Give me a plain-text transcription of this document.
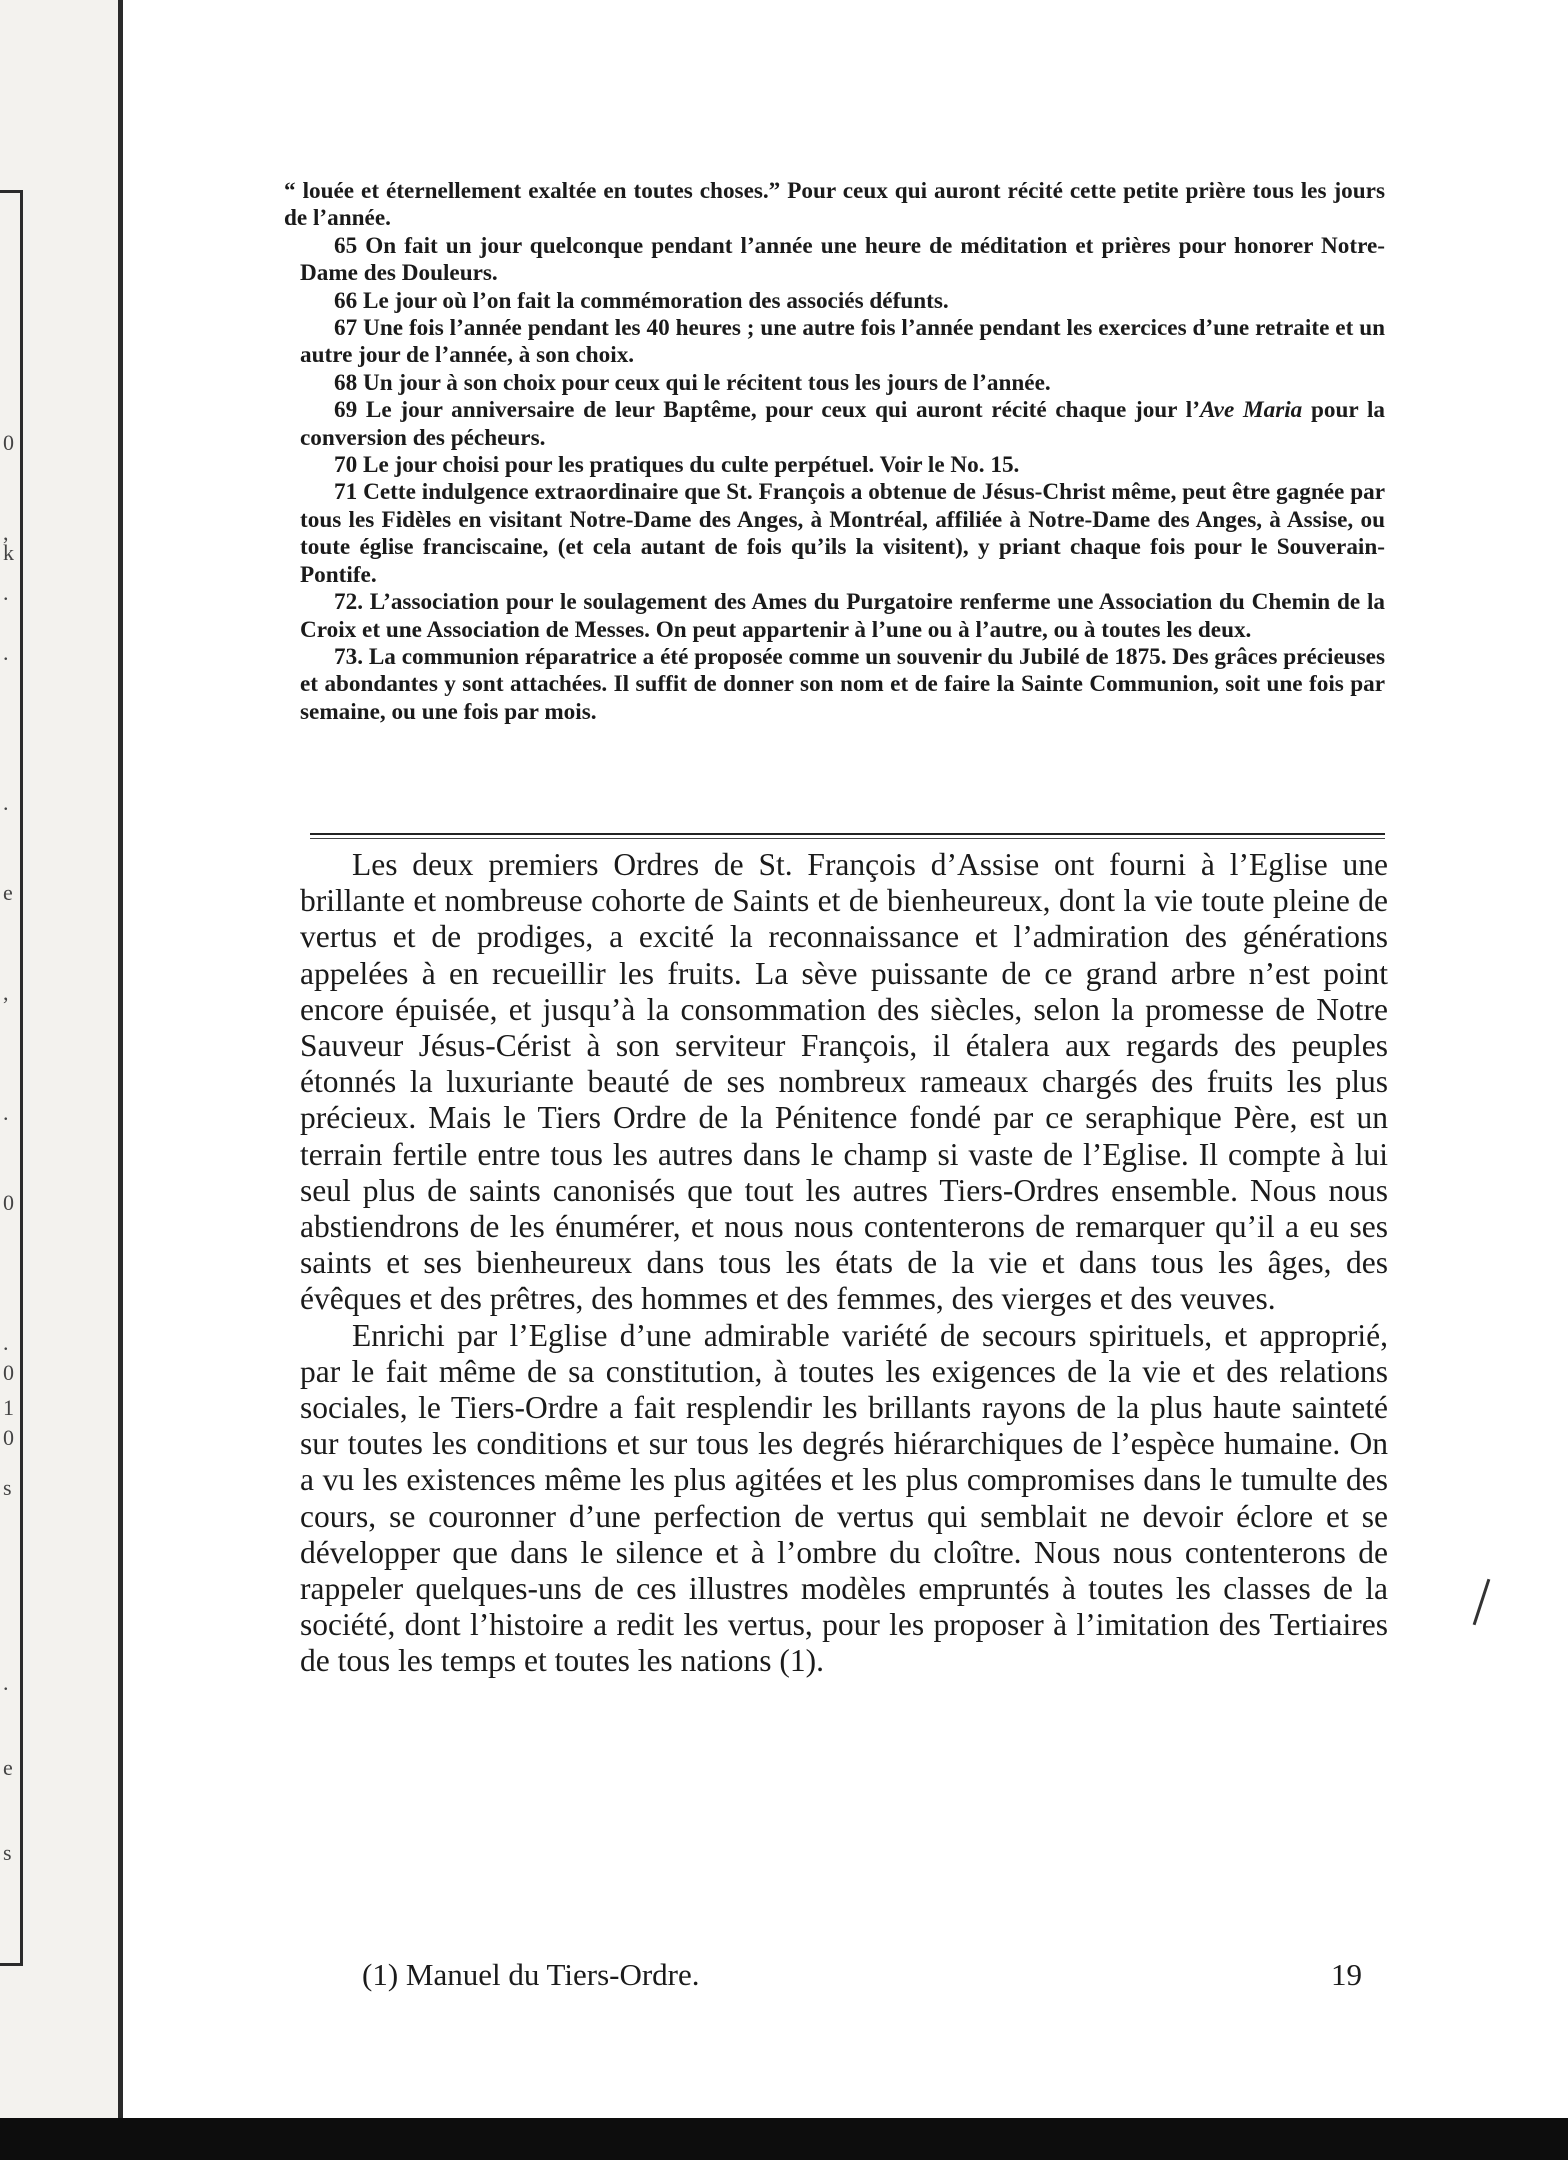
0
,
k
.
.
.
e
,
.
0
.
0
1
0
s
.
e
s

“ louée et éternellement exaltée en toutes choses.” Pour ceux qui auront récité cette petite prière tous les jours de l’année.

65 On fait un jour quelconque pendant l’année une heure de méditation et prières pour honorer Notre-Dame des Douleurs.

66 Le jour où l’on fait la commémoration des associés défunts.

67 Une fois l’année pendant les 40 heures ; une autre fois l’année pendant les exercices d’une retraite et un autre jour de l’année, à son choix.

68 Un jour à son choix pour ceux qui le récitent tous les jours de l’année.

69 Le jour anniversaire de leur Baptême, pour ceux qui auront récité chaque jour l’Ave Maria pour la conversion des pécheurs.

70 Le jour choisi pour les pratiques du culte perpétuel. Voir le No. 15.

71 Cette indulgence extraordinaire que St. François a obtenue de Jésus-Christ même, peut être gagnée par tous les Fidèles en visitant Notre-Dame des Anges, à Montréal, affiliée à Notre-Dame des Anges, à Assise, ou toute église franciscaine, (et cela autant de fois qu’ils la visitent), y priant chaque fois pour le Souverain-Pontife.

72. L’association pour le soulagement des Ames du Purgatoire renferme une Association du Chemin de la Croix et une Association de Messes. On peut appartenir à l’une ou à l’autre, ou à toutes les deux.

73. La communion réparatrice a été proposée comme un souvenir du Jubilé de 1875. Des grâces précieuses et abondantes y sont attachées. Il suffit de donner son nom et de faire la Sainte Communion, soit une fois par semaine, ou une fois par mois.

Les deux premiers Ordres de St. François d’Assise ont fourni à l’Eglise une brillante et nombreuse cohorte de Saints et de bienheureux, dont la vie toute pleine de vertus et de prodiges, a excité la reconnaissance et l’admiration des générations appelées à en recueillir les fruits. La sève puissante de ce grand arbre n’est point encore épuisée, et jusqu’à la consommation des siècles, selon la promesse de Notre Sauveur Jésus-Cérist à son serviteur François, il étalera aux regards des peuples étonnés la luxuriante beauté de ses nombreux rameaux chargés des fruits les plus précieux. Mais le Tiers Ordre de la Pénitence fondé par ce seraphique Père, est un terrain fertile entre tous les autres dans le champ si vaste de l’Eglise. Il compte à lui seul plus de saints canonisés que tout les autres Tiers-Ordres ensemble. Nous nous abstiendrons de les énumérer, et nous nous contenterons de remarquer qu’il a eu ses saints et ses bienheureux dans tous les états de la vie et dans tous les âges, des évêques et des prêtres, des hommes et des femmes, des vierges et des veuves.

Enrichi par l’Eglise d’une admirable variété de secours spirituels, et approprié, par le fait même de sa constitution, à toutes les exigences de la vie et des relations sociales, le Tiers-Ordre a fait resplendir les brillants rayons de la plus haute sainteté sur toutes les conditions et sur tous les degrés hiérarchiques de l’espèce humaine. On a vu les existences même les plus agitées et les plus compromises dans le tumulte des cours, se couronner d’une perfection de vertus qui semblait ne devoir éclore et se développer que dans le silence et à l’ombre du cloître. Nous nous contenterons de rappeler quelques-uns de ces illustres modèles empruntés à toutes les classes de la société, dont l’histoire a redit les vertus, pour les proposer à l’imitation des Tertiaires de tous les temps et toutes les nations (1).

(1) Manuel du Tiers-Ordre.	19
